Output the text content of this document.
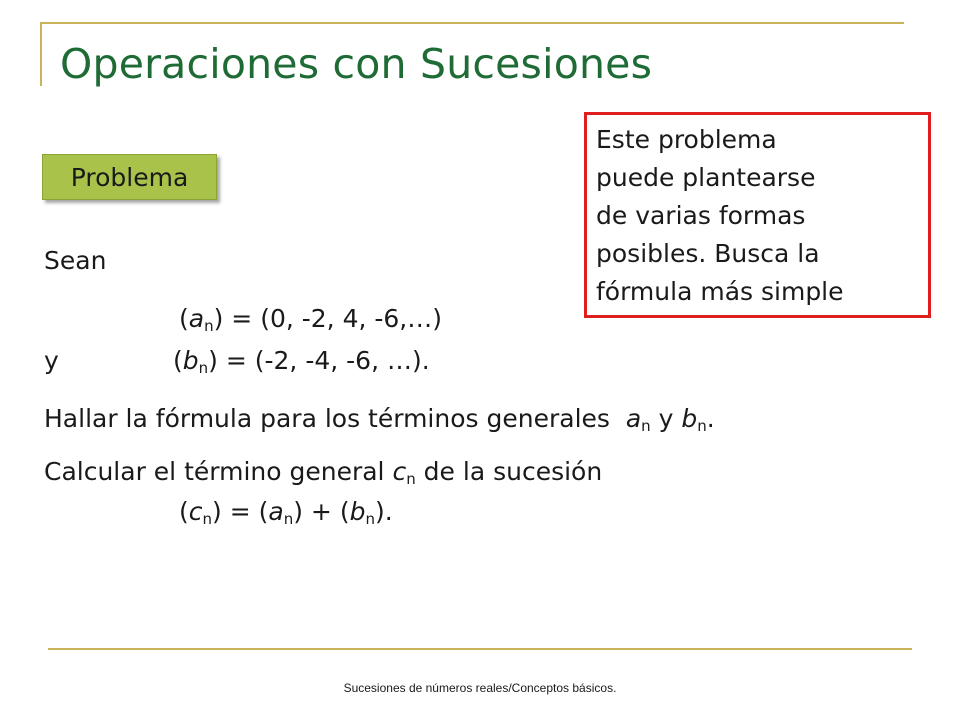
Operaciones con Sucesiones
Problema
Este problema
puede plantearse
de varias formas
posibles. Busca la
fórmula más simple
Sean
$(a_n) = (0$, -2, 4, -6,…)
y	$(b_n) = (-2$, -4, -6, …).
Hallar la fórmula para los términos generales $a_n$ y $b_n$.
Calcular el término general $c_n$ de la sucesión
$(c_n) = (a_n) + (b_n)$.
Sucesiones de números reales/Conceptos básicos.
